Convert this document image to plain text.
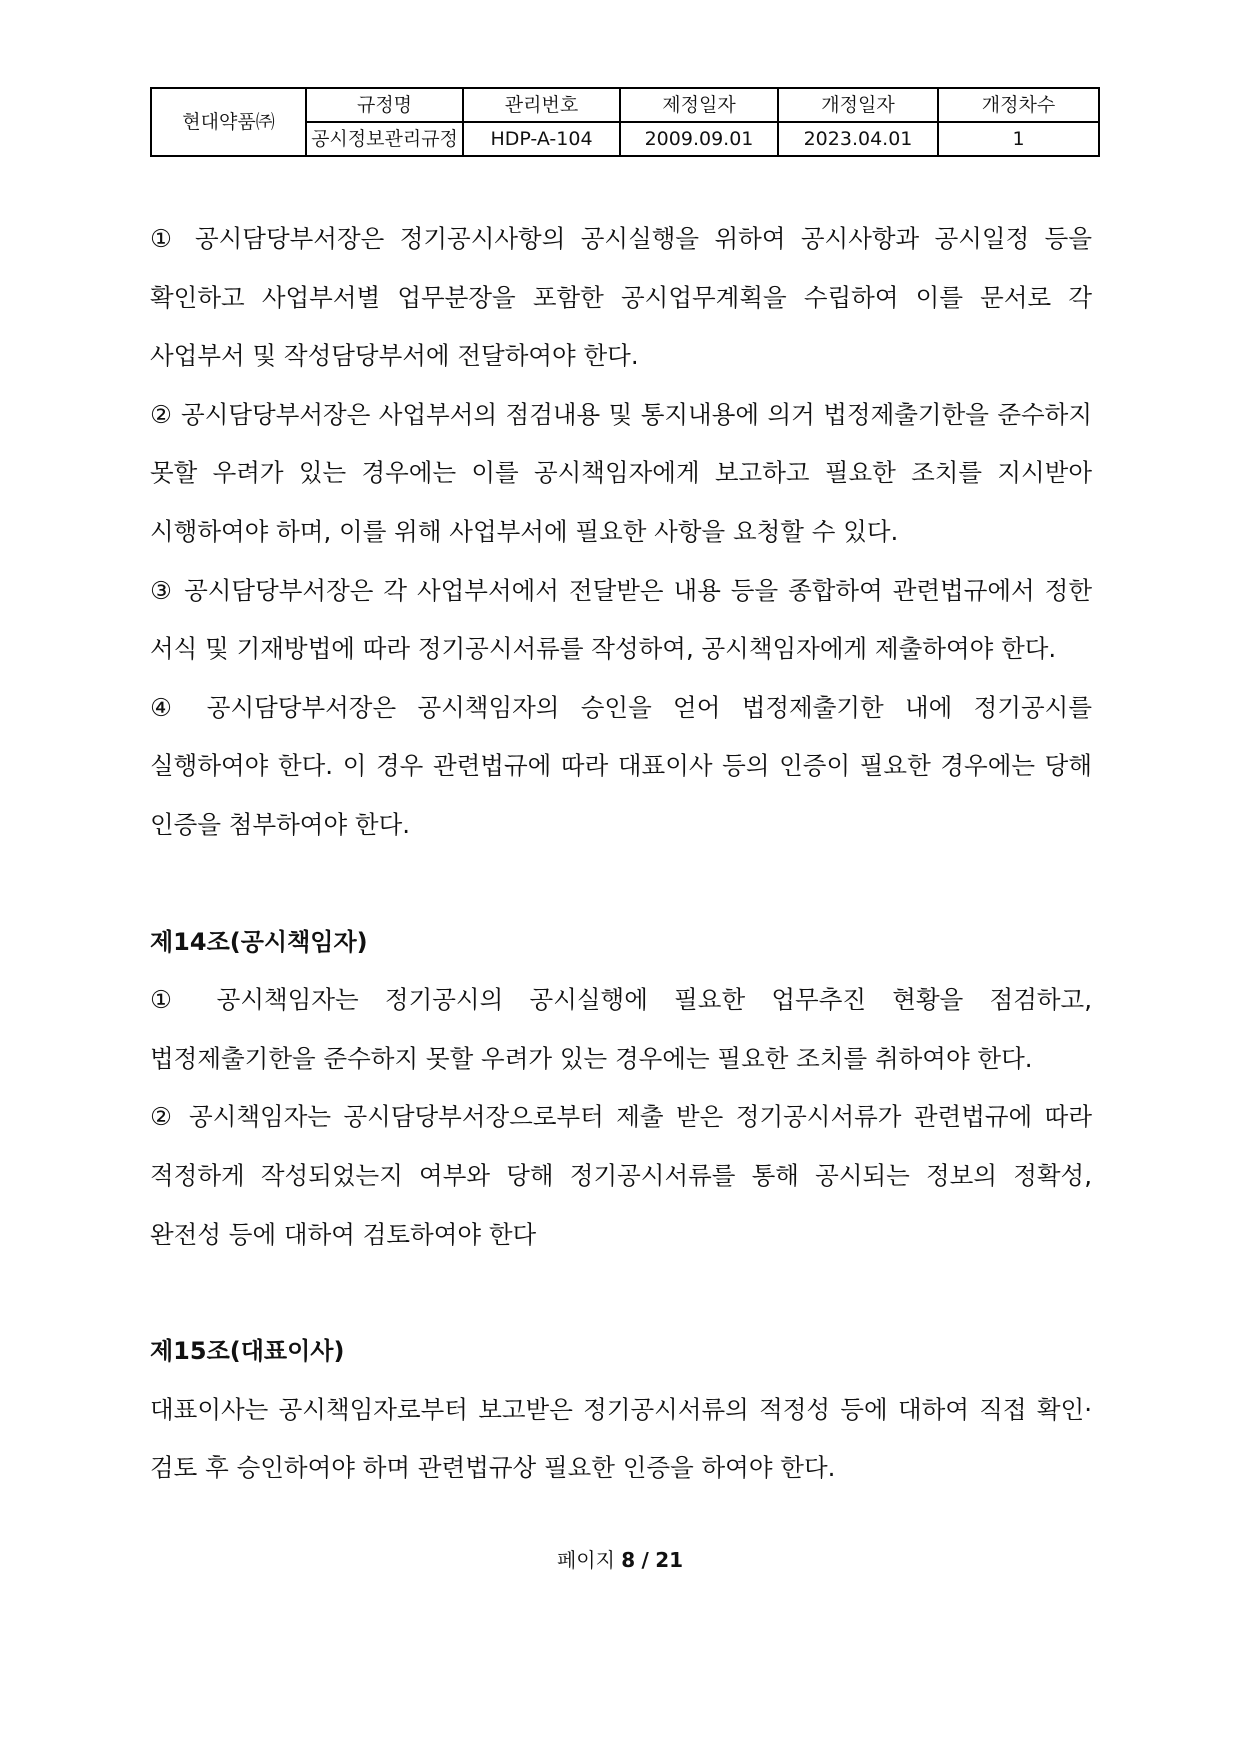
현대약품㈜	규정명	관리번호	제정일자	개정일자	개정차수
	공시정보관리규정	HDP-A-104	2009.09.01	2023.04.01	1

① 공시담당부서장은 정기공시사항의 공시실행을 위하여 공시사항과 공시일정 등을 확인하고 사업부서별 업무분장을 포함한 공시업무계획을 수립하여 이를 문서로 각 사업부서 및 작성담당부서에 전달하여야 한다.

② 공시담당부서장은 사업부서의 점검내용 및 통지내용에 의거 법정제출기한을 준수하지 못할 우려가 있는 경우에는 이를 공시책임자에게 보고하고 필요한 조치를 지시받아 시행하여야 하며, 이를 위해 사업부서에 필요한 사항을 요청할 수 있다.

③ 공시담당부서장은 각 사업부서에서 전달받은 내용 등을 종합하여 관련법규에서 정한 서식 및 기재방법에 따라 정기공시서류를 작성하여, 공시책임자에게 제출하여야 한다.

④ 공시담당부서장은 공시책임자의 승인을 얻어 법정제출기한 내에 정기공시를 실행하여야 한다. 이 경우 관련법규에 따라 대표이사 등의 인증이 필요한 경우에는 당해 인증을 첨부하여야 한다.

제14조(공시책임자)

① 공시책임자는 정기공시의 공시실행에 필요한 업무추진 현황을 점검하고, 법정제출기한을 준수하지 못할 우려가 있는 경우에는 필요한 조치를 취하여야 한다.

② 공시책임자는 공시담당부서장으로부터 제출 받은 정기공시서류가 관련법규에 따라 적정하게 작성되었는지 여부와 당해 정기공시서류를 통해 공시되는 정보의 정확성, 완전성 등에 대하여 검토하여야 한다

제15조(대표이사)

대표이사는 공시책임자로부터 보고받은 정기공시서류의 적정성 등에 대하여 직접 확인·검토 후 승인하여야 하며 관련법규상 필요한 인증을 하여야 한다.

페이지 8 / 21
